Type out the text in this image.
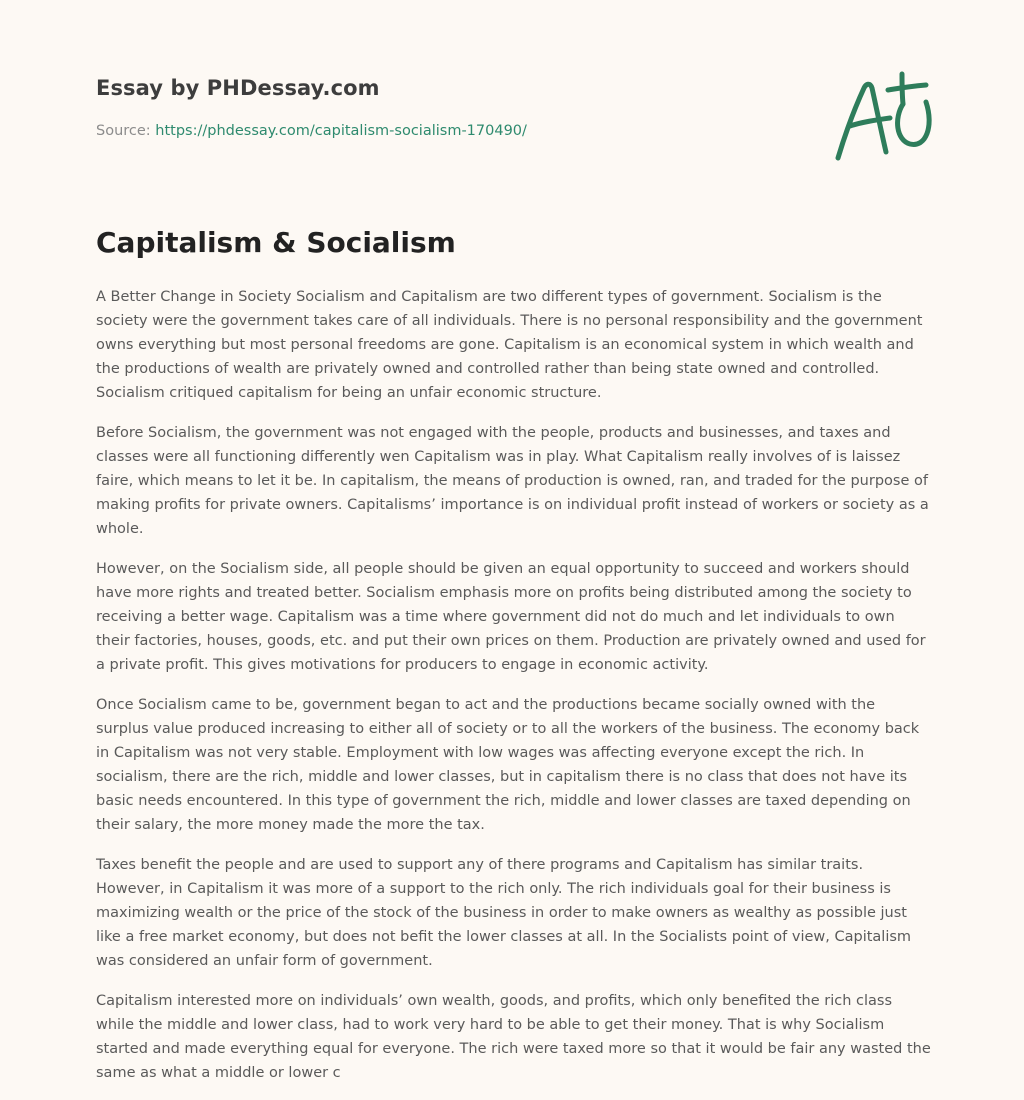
Essay by PHDessay.com
Source: https://phdessay.com/capitalism-socialism-170490/
Capitalism & Socialism

A Better Change in Society Socialism and Capitalism are two different types of government. Socialism is the society were the government takes care of all individuals. There is no personal responsibility and the government owns everything but most personal freedoms are gone. Capitalism is an economical system in which wealth and the productions of wealth are privately owned and controlled rather than being state owned and controlled. Socialism critiqued capitalism for being an unfair economic structure.

Before Socialism, the government was not engaged with the people, products and businesses, and taxes and classes were all functioning differently wen Capitalism was in play. What Capitalism really involves of is laissez faire, which means to let it be. In capitalism, the means of production is owned, ran, and traded for the purpose of making profits for private owners. Capitalisms’ importance is on individual profit instead of workers or society as a whole.

However, on the Socialism side, all people should be given an equal opportunity to succeed and workers should have more rights and treated better. Socialism emphasis more on profits being distributed among the society to receiving a better wage. Capitalism was a time where government did not do much and let individuals to own their factories, houses, goods, etc. and put their own prices on them. Production are privately owned and used for a private profit. This gives motivations for producers to engage in economic activity.

Once Socialism came to be, government began to act and the productions became socially owned with the surplus value produced increasing to either all of society or to all the workers of the business. The economy back in Capitalism was not very stable. Employment with low wages was affecting everyone except the rich. In socialism, there are the rich, middle and lower classes, but in capitalism there is no class that does not have its basic needs encountered. In this type of government the rich, middle and lower classes are taxed depending on their salary, the more money made the more the tax.

Taxes benefit the people and are used to support any of there programs and Capitalism has similar traits. However, in Capitalism it was more of a support to the rich only. The rich individuals goal for their business is maximizing wealth or the price of the stock of the business in order to make owners as wealthy as possible just like a free market economy, but does not befit the lower classes at all. In the Socialists point of view, Capitalism was considered an unfair form of government.

Capitalism interested more on individuals’ own wealth, goods, and profits, which only benefited the rich class while the middle and lower class, had to work very hard to be able to get their money. That is why Socialism started and made everything equal for everyone. The rich were taxed more so that it would be fair any wasted the same as what a middle or lower c
